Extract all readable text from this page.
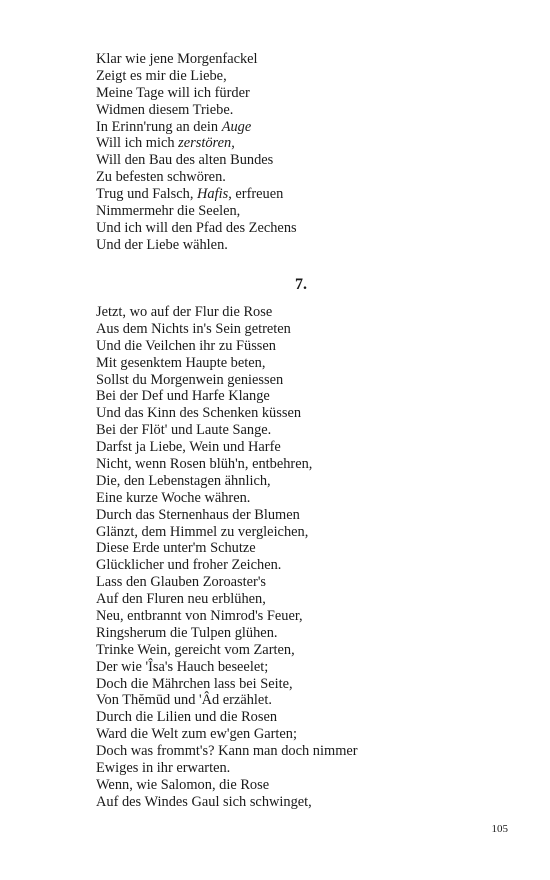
Klar wie jene Morgenfackel

Zeigt es mir die Liebe,

Meine Tage will ich fürder

Widmen diesem Triebe.

In Erinn'rung an dein Auge

Will ich mich zerstören,

Will den Bau des alten Bundes

Zu befesten schwören.

Trug und Falsch, Hafis, erfreuen

Nimmermehr die Seelen,

Und ich will den Pfad des Zechens

Und der Liebe wählen.

7.

Jetzt, wo auf der Flur die Rose

Aus dem Nichts in's Sein getreten

Und die Veilchen ihr zu Füssen

Mit gesenktem Haupte beten,

Sollst du Morgenwein geniessen

Bei der Def und Harfe Klange

Und das Kinn des Schenken küssen

Bei der Flöt' und Laute Sange.

Darfst ja Liebe, Wein und Harfe

Nicht, wenn Rosen blüh'n, entbehren,

Die, den Lebenstagen ähnlich,

Eine kurze Woche währen.

Durch das Sternenhaus der Blumen

Glänzt, dem Himmel zu vergleichen,

Diese Erde unter'm Schutze

Glücklicher und froher Zeichen.

Lass den Glauben Zoroaster's

Auf den Fluren neu erblühen,

Neu, entbrannt von Nimrod's Feuer,

Ringsherum die Tulpen glühen.

Trinke Wein, gereicht vom Zarten,

Der wie 'Îsa's Hauch beseelet;

Doch die Mährchen lass bei Seite,

Von Thĕmūd und 'Âd erzählet.

Durch die Lilien und die Rosen

Ward die Welt zum ew'gen Garten;

Doch was frommt's? Kann man doch nimmer

Ewiges in ihr erwarten.

Wenn, wie Salomon, die Rose

Auf des Windes Gaul sich schwinget,

105
